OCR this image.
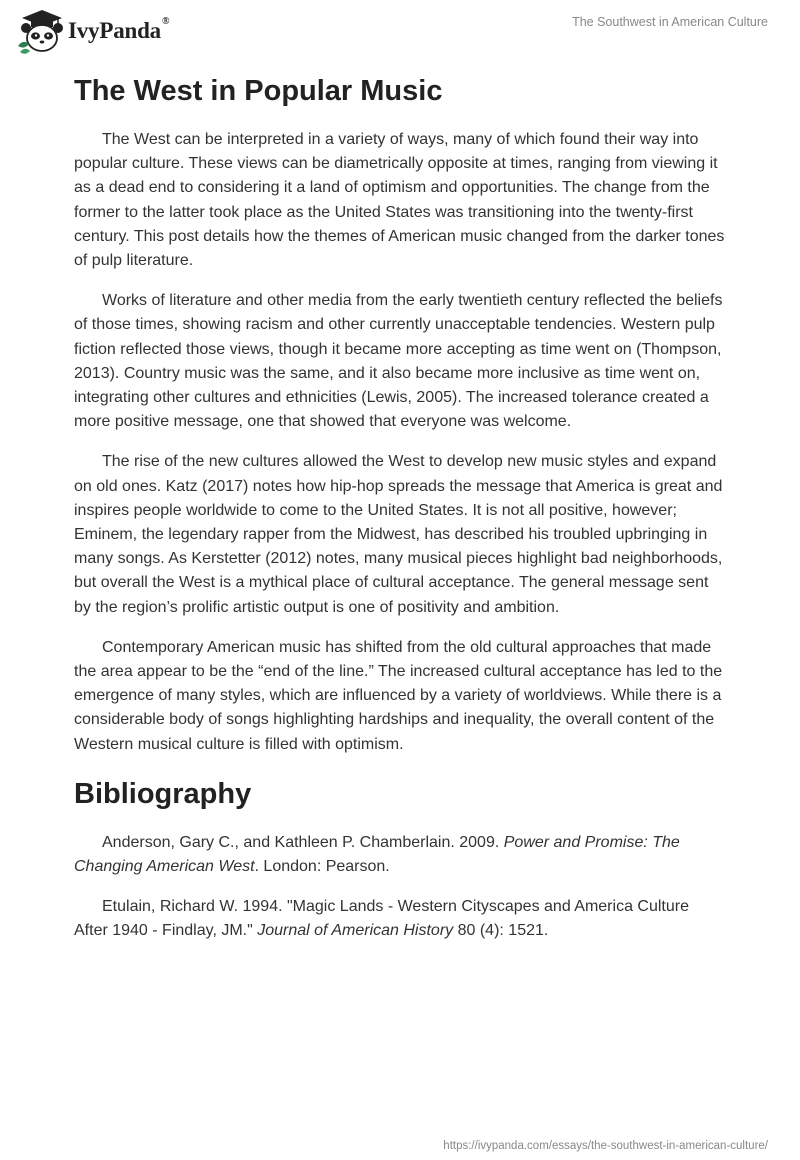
IvyPanda®	The Southwest in American Culture
The West in Popular Music

The West can be interpreted in a variety of ways, many of which found their way into popular culture. These views can be diametrically opposite at times, ranging from viewing it as a dead end to considering it a land of optimism and opportunities. The change from the former to the latter took place as the United States was transitioning into the twenty-first century. This post details how the themes of American music changed from the darker tones of pulp literature.

Works of literature and other media from the early twentieth century reflected the beliefs of those times, showing racism and other currently unacceptable tendencies. Western pulp fiction reflected those views, though it became more accepting as time went on (Thompson, 2013). Country music was the same, and it also became more inclusive as time went on, integrating other cultures and ethnicities (Lewis, 2005). The increased tolerance created a more positive message, one that showed that everyone was welcome.

The rise of the new cultures allowed the West to develop new music styles and expand on old ones. Katz (2017) notes how hip-hop spreads the message that America is great and inspires people worldwide to come to the United States. It is not all positive, however; Eminem, the legendary rapper from the Midwest, has described his troubled upbringing in many songs. As Kerstetter (2012) notes, many musical pieces highlight bad neighborhoods, but overall the West is a mythical place of cultural acceptance. The general message sent by the region’s prolific artistic output is one of positivity and ambition.

Contemporary American music has shifted from the old cultural approaches that made the area appear to be the “end of the line.” The increased cultural acceptance has led to the emergence of many styles, which are influenced by a variety of worldviews. While there is a considerable body of songs highlighting hardships and inequality, the overall content of the Western musical culture is filled with optimism.

Bibliography

Anderson, Gary C., and Kathleen P. Chamberlain. 2009. Power and Promise: The Changing American West. London: Pearson.

Etulain, Richard W. 1994. "Magic Lands - Western Cityscapes and America Culture After 1940 - Findlay, JM." Journal of American History 80 (4): 1521.

https://ivypanda.com/essays/the-southwest-in-american-culture/
